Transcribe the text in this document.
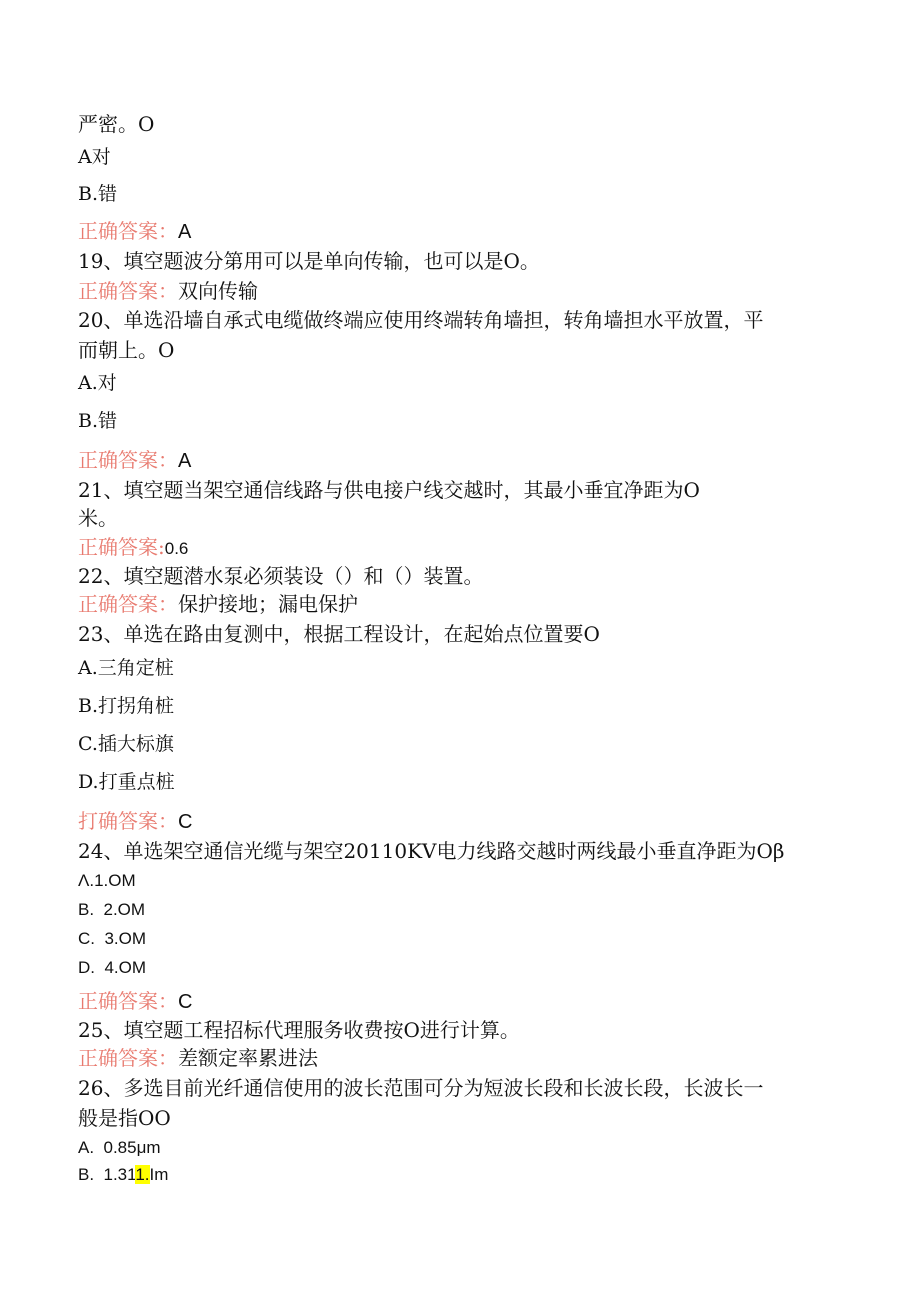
严密。O
A对
B.错
正确答案：A
19、填空题波分第用可以是单向传输，也可以是O。
正确答案：双向传输
20、单选沿墙自承式电缆做终端应使用终端转角墙担，转角墙担水平放置，平
而朝上。O
A.对
B.错
正确答案：A
21、填空题当架空通信线路与供电接户线交越时，其最小垂宜净距为O
米。
正确答案:0.6
22、填空题潜水泵必须装设（）和（）装置。
正确答案：保护接地；漏电保护
23、单选在路由复测中，根据工程设计，在起始点位置要O
A.三角定桩
B.打拐角桩
C.插大标旗
D.打重点桩
打确答案：C
24、单选架空通信光缆与架空20110KV电力线路交越时两线最小垂直净距为Oβ
Λ.1.OM
B.  2.OM
C.  3.OM
D.  4.OM
正确答案：C
25、填空题工程招标代理服务收费按O进行计算。
正确答案：差额定率累进法
26、多选目前光纤通信使用的波长范围可分为短波长段和长波长段，长波长一
般是指OO
A.  0.85μm
B.  1.311.Im
